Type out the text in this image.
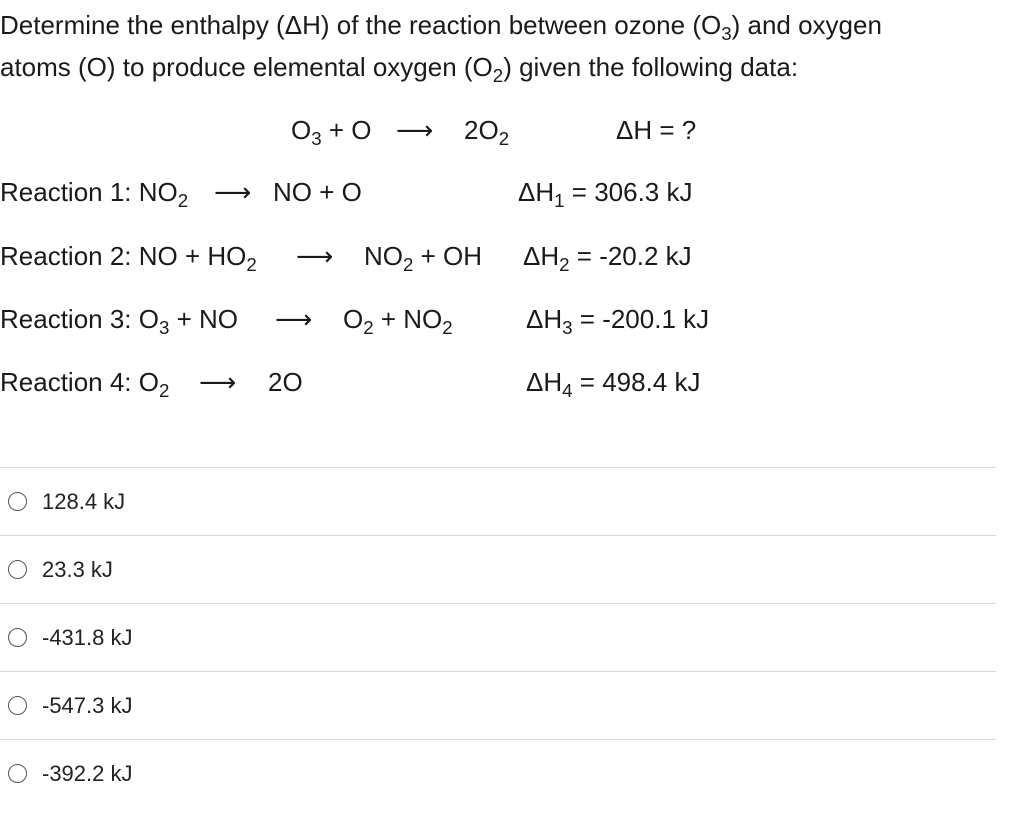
Determine the enthalpy (ΔH) of the reaction between ozone $(O_3)$ and oxygen
atoms (O) to produce elemental oxygen $(O_2)$ given the following data:
$O_3 + O$ ⟶ $2O_2$	ΔH = ?
Reaction 1: $NO_2$ ⟶ NO + O	$\Delta H_1 = 306.3$ kJ
Reaction 2: NO + $HO_2$ ⟶ $NO_2$ + OH $\Delta H_2 = -20.2$ kJ
Reaction 3: $O_3$ + NO ⟶ $O_2 + NO_2$	$\Delta H_3 = -200.1$ kJ
Reaction 4: $O_2$ ⟶ 2O	$\Delta H_4 = 498.4$ kJ
128.4 kJ
23.3 kJ
-431.8 kJ
-547.3 kJ
-392.2 kJ
